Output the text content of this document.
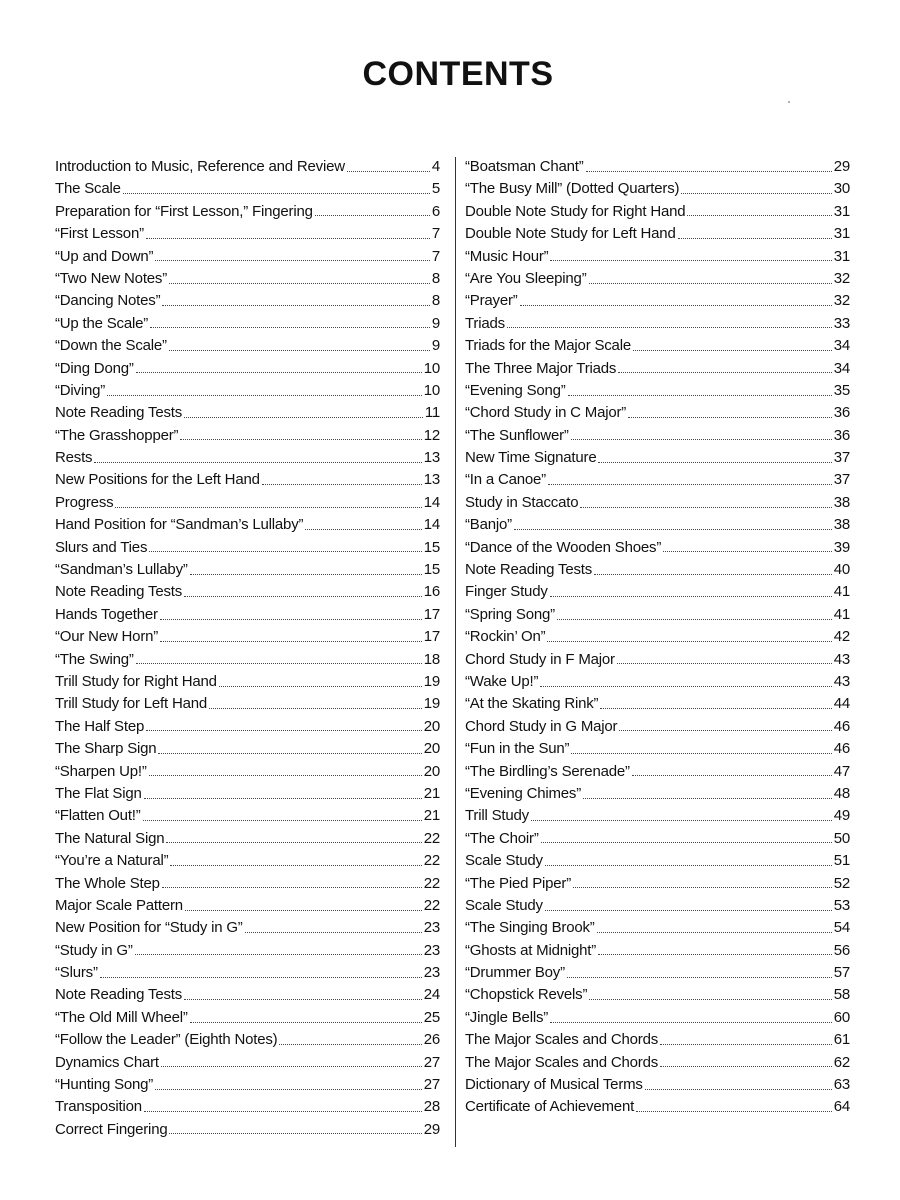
CONTENTS
Introduction to Music, Reference and Review	4
The Scale	5
Preparation for “First Lesson,” Fingering	6
“First Lesson”	7
“Up and Down”	7
“Two New Notes”	8
“Dancing Notes”	8
“Up the Scale”	9
“Down the Scale”	9
“Ding Dong”	10
“Diving”	10
Note Reading Tests	11
“The Grasshopper”	12
Rests	13
New Positions for the Left Hand	13
Progress	14
Hand Position for “Sandman’s Lullaby”	14
Slurs and Ties	15
“Sandman’s Lullaby”	15
Note Reading Tests	16
Hands Together	17
“Our New Horn”	17
“The Swing”	18
Trill Study for Right Hand	19
Trill Study for Left Hand	19
The Half Step	20
The Sharp Sign	20
“Sharpen Up!”	20
The Flat Sign	21
“Flatten Out!”	21
The Natural Sign	22
“You’re a Natural”	22
The Whole Step	22
Major Scale Pattern	22
New Position for “Study in G”	23
“Study in G”	23
“Slurs”	23
Note Reading Tests	24
“The Old Mill Wheel”	25
“Follow the Leader” (Eighth Notes)	26
Dynamics Chart	27
“Hunting Song”	27
Transposition	28
Correct Fingering	29
“Boatsman Chant”	29
“The Busy Mill” (Dotted Quarters)	30
Double Note Study for Right Hand	31
Double Note Study for Left Hand	31
“Music Hour”	31
“Are You Sleeping”	32
“Prayer”	32
Triads	33
Triads for the Major Scale	34
The Three Major Triads	34
“Evening Song”	35
“Chord Study in C Major”	36
“The Sunflower”	36
New Time Signature	37
“In a Canoe”	37
Study in Staccato	38
“Banjo”	38
“Dance of the Wooden Shoes”	39
Note Reading Tests	40
Finger Study	41
“Spring Song”	41
“Rockin’ On”	42
Chord Study in F Major	43
“Wake Up!”	43
“At the Skating Rink”	44
Chord Study in G Major	46
“Fun in the Sun”	46
“The Birdling’s Serenade”	47
“Evening Chimes”	48
Trill Study	49
“The Choir”	50
Scale Study	51
“The Pied Piper”	52
Scale Study	53
“The Singing Brook”	54
“Ghosts at Midnight”	56
“Drummer Boy”	57
“Chopstick Revels”	58
“Jingle Bells”	60
The Major Scales and Chords	61
The Major Scales and Chords	62
Dictionary of Musical Terms	63
Certificate of Achievement	64
